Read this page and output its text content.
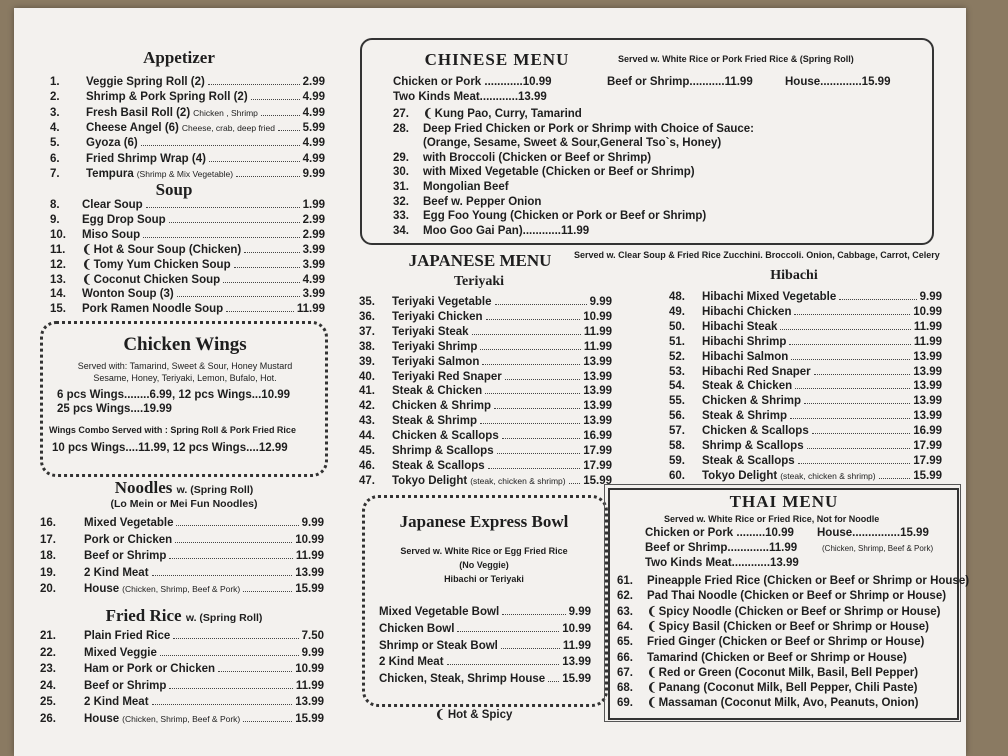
Appetizer
1.	Veggie Spring Roll (2)	2.99
2.	Shrimp & Pork Spring Roll (2)	4.99
3.	Fresh Basil Roll (2) Chicken , Shrimp	4.99
4.	Cheese Angel (6) Cheese, crab, deep fried 5.99
5.	Gyoza (6)	4.99
6.	Fried Shrimp Wrap (4)	4.99
7.	Tempura (Shrimp & Mix Vegetable)	9.99
Soup
8.	Clear Soup	1.99
9.	Egg Drop Soup	2.99
10.	Miso Soup	2.99
11.	❨ Hot & Sour Soup (Chicken)	3.99
12.	❨ Tomy Yum Chicken Soup	3.99
13.	❨ Coconut Chicken Soup	4.99
14.	Wonton Soup (3)	3.99
15.	Pork Ramen Noodle Soup	11.99
Chicken Wings
Served with: Tamarind, Sweet & Sour, Honey Mustard
Sesame, Honey, Teriyaki, Lemon, Bufalo, Hot.
6 pcs Wings........6.99, 12 pcs Wings...10.99
25 pcs Wings....19.99
Wings Combo Served with : Spring Roll & Pork Fried Rice
10 pcs Wings....11.99, 12 pcs Wings....12.99
Noodles w. (Spring Roll)
(Lo Mein or Mei Fun Noodles)
16.	Mixed Vegetable	9.99
17.	Pork or Chicken	10.99
18.	Beef or Shrimp	11.99
19.	2 Kind Meat	13.99
20.	House (Chicken, Shrimp, Beef & Pork)	15.99
Fried Rice w. (Spring Roll)
21.	Plain Fried Rice	7.50
22.	Mixed Veggie	9.99
23.	Ham or Pork or Chicken	10.99
24.	Beef or Shrimp	11.99
25.	2 Kind Meat	13.99
26.	House (Chicken, Shrimp, Beef & Pork)	15.99
CHINESE MENU	Served w. White Rice or Pork Fried Rice & (Spring Roll)
Chicken or Pork ............10.99	Beef or Shrimp...........11.99	House.............15.99
Two Kinds Meat............13.99
27.	❨ Kung Pao, Curry, Tamarind
28.	Deep Fried Chicken or Pork or Shrimp with Choice of Sauce:
(Orange, Sesame, Sweet & Sour,General Tso`s, Honey)
29.	with Broccoli (Chicken or Beef or Shrimp)
30.	with Mixed Vegetable (Chicken or Beef or Shrimp)
31.	Mongolian Beef
32.	Beef w. Pepper Onion
33.	Egg Foo Young (Chicken or Pork or Beef or Shrimp)
34.	Moo Goo Gai Pan)............11.99
JAPANESE MENU	Served w. Clear Soup & Fried Rice Zucchini. Broccoli. Onion, Cabbage, Carrot, Celery
Teriyaki	Hibachi
35.	Teriyaki Vegetable	9.99
36.	Teriyaki Chicken	10.99
37.	Teriyaki Steak	11.99
38.	Teriyaki Shrimp	11.99
39.	Teriyaki Salmon	13.99
40.	Teriyaki Red Snaper	13.99
41.	Steak & Chicken	13.99
42.	Chicken & Shrimp	13.99
43.	Steak & Shrimp	13.99
44.	Chicken & Scallops	16.99
45.	Shrimp & Scallops	17.99
46.	Steak & Scallops	17.99
47.	Tokyo Delight (steak, chicken & shrimp) 15.99
48.	Hibachi Mixed Vegetable	9.99
49.	Hibachi Chicken	10.99
50.	Hibachi Steak	11.99
51.	Hibachi Shrimp	11.99
52.	Hibachi Salmon	13.99
53.	Hibachi Red Snaper	13.99
54.	Steak & Chicken	13.99
55.	Chicken & Shrimp	13.99
56.	Steak & Shrimp	13.99
57.	Chicken & Scallops	16.99
58.	Shrimp & Scallops	17.99
59.	Steak & Scallops	17.99
60.	Tokyo Delight (steak, chicken & shrimp)	15.99
Japanese Express Bowl
Served w. White Rice or Egg Fried Rice
(No Veggie)
Hibachi or Teriyaki
Mixed Vegetable Bowl	9.99
Chicken Bowl	10.99
Shrimp or Steak Bowl	11.99
2 Kind Meat	13.99
Chicken, Steak, Shrimp House 15.99
❨ Hot & Spicy
THAI MENU
Served w. White Rice or Fried Rice, Not for Noodle
Chicken or Pork .........10.99 House...............15.99
Beef or Shrimp.............11.99	(Chicken, Shrimp, Beef & Pork)
Two Kinds Meat............13.99
61.	Pineapple Fried Rice (Chicken or Beef or Shrimp or House)
62.	Pad Thai Noodle (Chicken or Beef or Shrimp or House)
63.	❨ Spicy Noodle (Chicken or Beef or Shrimp or House)
64.	❨ Spicy Basil (Chicken or Beef or Shrimp or House)
65.	Fried Ginger (Chicken or Beef or Shrimp or House)
66.	Tamarind (Chicken or Beef or Shrimp or House)
67.	❨ Red or Green (Coconut Milk, Basil, Bell Pepper)
68.	❨ Panang (Coconut Milk, Bell Pepper, Chili Paste)
69.	❨ Massaman (Coconut Milk, Avo, Peanuts, Onion)
